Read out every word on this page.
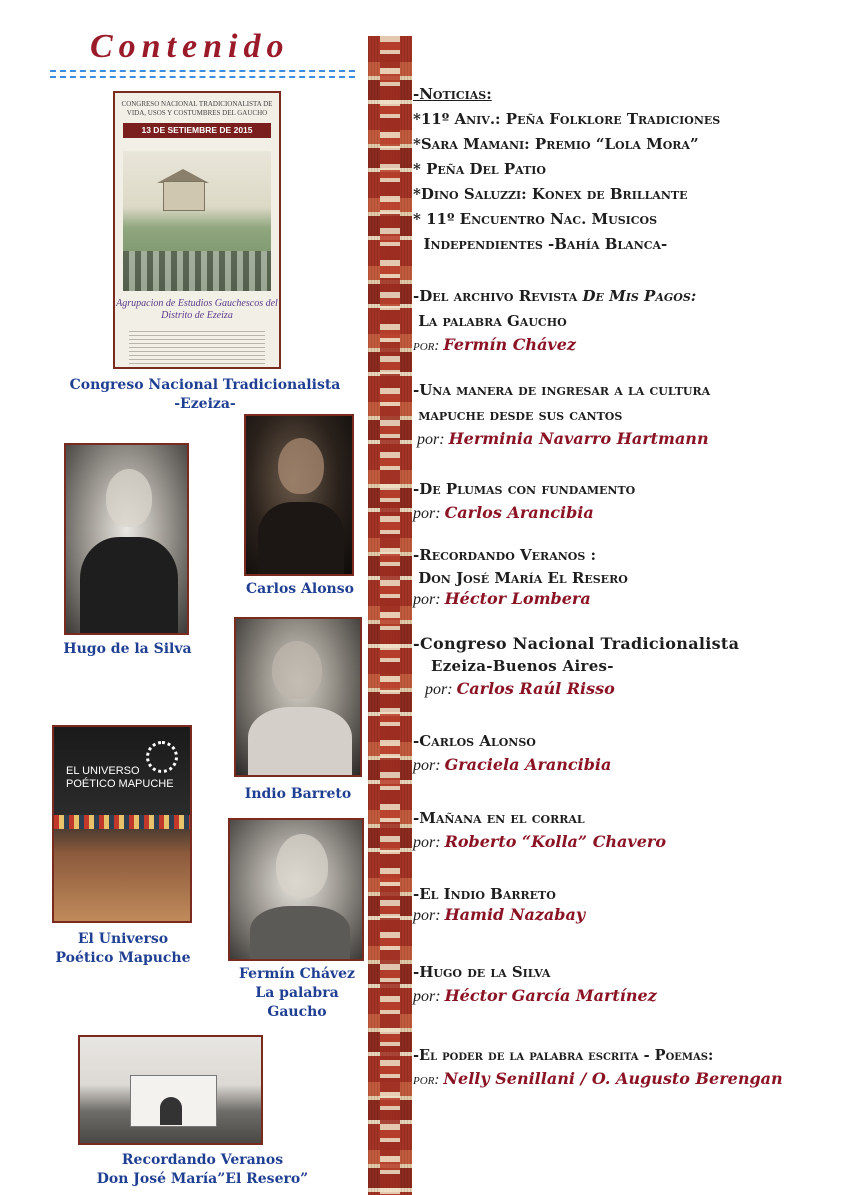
Contenido
CONGRESO NACIONAL TRADICIONALISTA DE VIDA, USOS Y COSTUMBRES DEL GAUCHO
13 DE SETIEMBRE DE 2015
Agrupacion de Estudios Gauchescos del Distrito de Ezeiza
Congreso Nacional Tradicionalista
-Ezeiza-
Carlos Alonso
Hugo de la Silva
Indio Barreto
EL UNIVERSO
POÉTICO MAPUCHE
El Universo
Poético Mapuche
Fermín Chávez
La palabra
Gaucho
Recordando Veranos
Don José María”El Resero”
-Noticias:
*11º Aniv.: Peña Folklore Tradiciones
*Sara Mamani: Premio “Lola Mora”
* Peña Del Patio
*Dino Saluzzi: Konex de Brillante
* 11º Encuentro Nac. Musicos
Independientes -Bahía Blanca-
-Del archivo Revista De Mis Pagos:
La palabra Gaucho
por: Fermín Chávez
-Una manera de ingresar a la cultura
mapuche desde sus cantos
por: Herminia Navarro Hartmann
-De Plumas con fundamento
por: Carlos Arancibia
-Recordando Veranos :
Don José María El Resero
por: Héctor Lombera
-Congreso Nacional Tradicionalista
Ezeiza-Buenos Aires-
por: Carlos Raúl Risso
-Carlos Alonso
por: Graciela Arancibia
-Mañana en el corral
por: Roberto “Kolla” Chavero
-El Indio Barreto
por: Hamid Nazabay
-Hugo de la Silva
por: Héctor García Martínez
-El poder de la palabra escrita - Poemas:
por: Nelly Senillani / O. Augusto Berengan
